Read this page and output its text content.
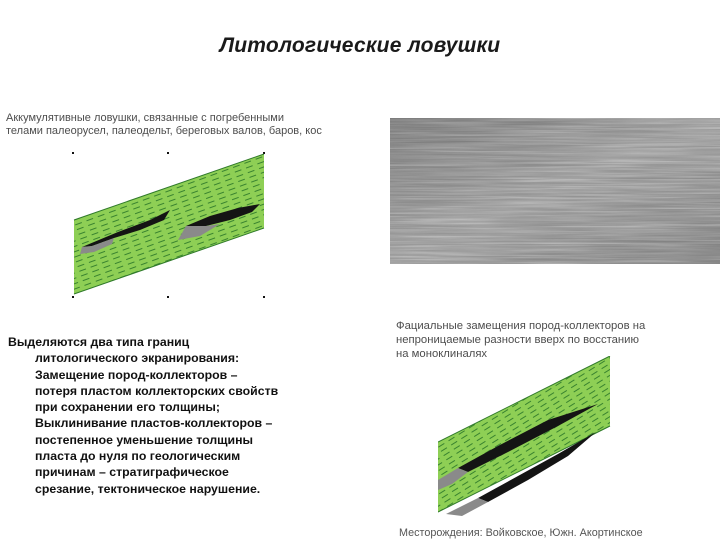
Литологические ловушки
Аккумулятивные ловушки, связанные с погребенными
телами палеорусел, палеодельт, береговых валов, баров, кос
Выделяются два типа границ
литологического экранирования:
Замещение пород-коллекторов –
потеря пластом коллекторских свойств
при сохранении его толщины;
Выклинивание пластов-коллекторов –
постепенное уменьшение толщины
пласта до нуля по геологическим
причинам – стратиграфическое
срезание, тектоническое нарушение.
Фациальные замещения пород-коллекторов на
непроницаемые разности вверх по восстанию
на моноклиналях
Месторождения: Войковское, Южн. Акортинское
